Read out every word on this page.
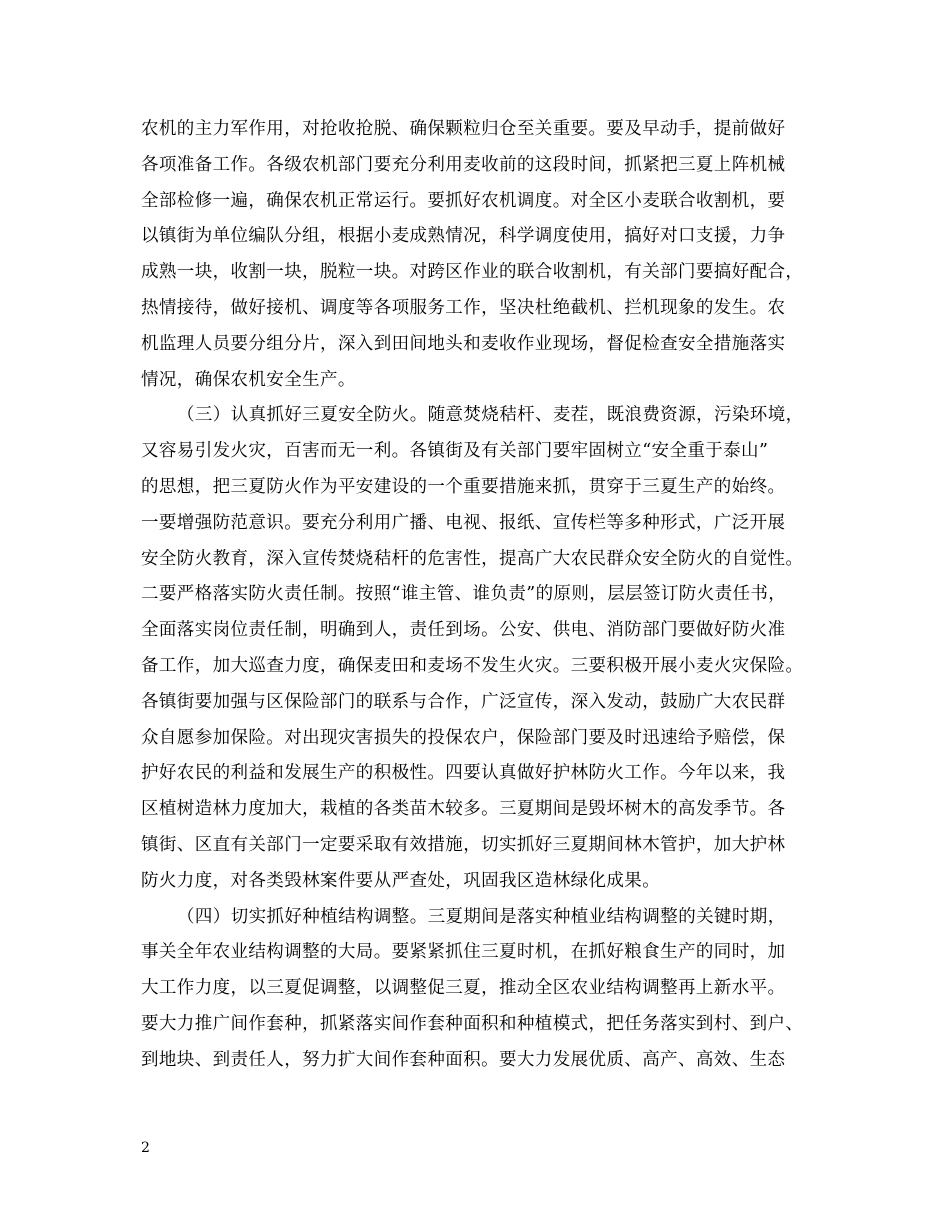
农机的主力军作用，对抢收抢脱、确保颗粒归仓至关重要。要及早动手，提前做好

各项准备工作。各级农机部门要充分利用麦收前的这段时间，抓紧把三夏上阵机械

全部检修一遍，确保农机正常运行。要抓好农机调度。对全区小麦联合收割机，要

以镇街为单位编队分组，根据小麦成熟情况，科学调度使用，搞好对口支援，力争

成熟一块，收割一块，脱粒一块。对跨区作业的联合收割机，有关部门要搞好配合，

热情接待，做好接机、调度等各项服务工作，坚决杜绝截机、拦机现象的发生。农

机监理人员要分组分片，深入到田间地头和麦收作业现场，督促检查安全措施落实

情况，确保农机安全生产。

（三）认真抓好三夏安全防火。随意焚烧秸杆、麦茬，既浪费资源，污染环境，

又容易引发火灾，百害而无一利。各镇街及有关部门要牢固树立“安全重于泰山”

的思想，把三夏防火作为平安建设的一个重要措施来抓，贯穿于三夏生产的始终。

一要增强防范意识。要充分利用广播、电视、报纸、宣传栏等多种形式，广泛开展

安全防火教育，深入宣传焚烧秸杆的危害性，提高广大农民群众安全防火的自觉性。

二要严格落实防火责任制。按照“谁主管、谁负责”的原则，层层签订防火责任书，

全面落实岗位责任制，明确到人，责任到场。公安、供电、消防部门要做好防火准

备工作，加大巡查力度，确保麦田和麦场不发生火灾。三要积极开展小麦火灾保险。

各镇街要加强与区保险部门的联系与合作，广泛宣传，深入发动，鼓励广大农民群

众自愿参加保险。对出现灾害损失的投保农户，保险部门要及时迅速给予赔偿，保

护好农民的利益和发展生产的积极性。四要认真做好护林防火工作。今年以来，我

区植树造林力度加大，栽植的各类苗木较多。三夏期间是毁坏树木的高发季节。各

镇街、区直有关部门一定要采取有效措施，切实抓好三夏期间林木管护，加大护林

防火力度，对各类毁林案件要从严查处，巩固我区造林绿化成果。

（四）切实抓好种植结构调整。三夏期间是落实种植业结构调整的关键时期，

事关全年农业结构调整的大局。要紧紧抓住三夏时机，在抓好粮食生产的同时，加

大工作力度，以三夏促调整，以调整促三夏，推动全区农业结构调整再上新水平。

要大力推广间作套种，抓紧落实间作套种面积和种植模式，把任务落实到村、到户、

到地块、到责任人，努力扩大间作套种面积。要大力发展优质、高产、高效、生态

2
